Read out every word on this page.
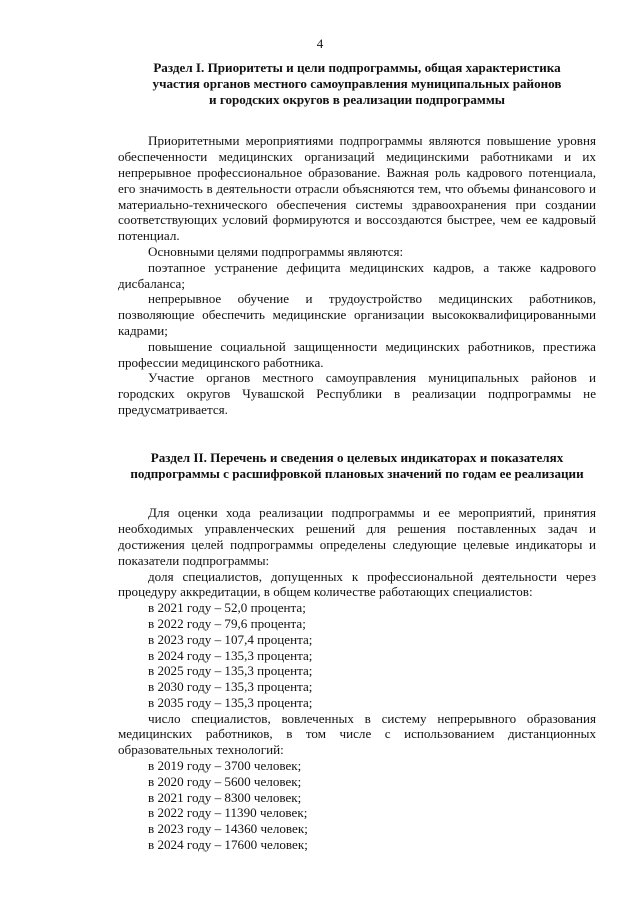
4
Раздел I. Приоритеты и цели подпрограммы, общая характеристика
участия органов местного самоуправления муниципальных районов
и городских округов в реализации подпрограммы

Приоритетными мероприятиями подпрограммы являются повышение уровня обеспеченности медицинских организаций медицинскими работниками и их непрерывное профессиональное образование. Важная роль кадрового потенциала, его значимость в деятельности отрасли объясняются тем, что объемы финансового и материально-технического обеспечения системы здравоохранения при создании соответствующих условий формируются и воссоздаются быстрее, чем ее кадровый потенциал.

Основными целями подпрограммы являются:

поэтапное устранение дефицита медицинских кадров, а также кадрового дисбаланса;

непрерывное обучение и трудоустройство медицинских работников, позволяющие обеспечить медицинские организации высококвалифицированными кадрами;

повышение социальной защищенности медицинских работников, престижа профессии медицинского работника.

Участие органов местного самоуправления муниципальных районов и городских округов Чувашской Республики в реализации подпрограммы не предусматривается.

Раздел II. Перечень и сведения о целевых индикаторах и показателях
подпрограммы с расшифровкой плановых значений по годам ее реализации

Для оценки хода реализации подпрограммы и ее мероприятий, принятия необходимых управленческих решений для решения поставленных задач и достижения целей подпрограммы определены следующие целевые индикаторы и показатели подпрограммы:

доля специалистов, допущенных к профессиональной деятельности через процедуру аккредитации, в общем количестве работающих специалистов:

в 2021 году – 52,0 процента;
в 2022 году – 79,6 процента;
в 2023 году – 107,4 процента;
в 2024 году – 135,3 процента;
в 2025 году – 135,3 процента;
в 2030 году – 135,3 процента;
в 2035 году – 135,3 процента;

число специалистов, вовлеченных в систему непрерывного образования медицинских работников, в том числе с использованием дистанционных образовательных технологий:

в 2019 году – 3700 человек;
в 2020 году – 5600 человек;
в 2021 году – 8300 человек;
в 2022 году – 11390 человек;
в 2023 году – 14360 человек;
в 2024 году – 17600 человек;
